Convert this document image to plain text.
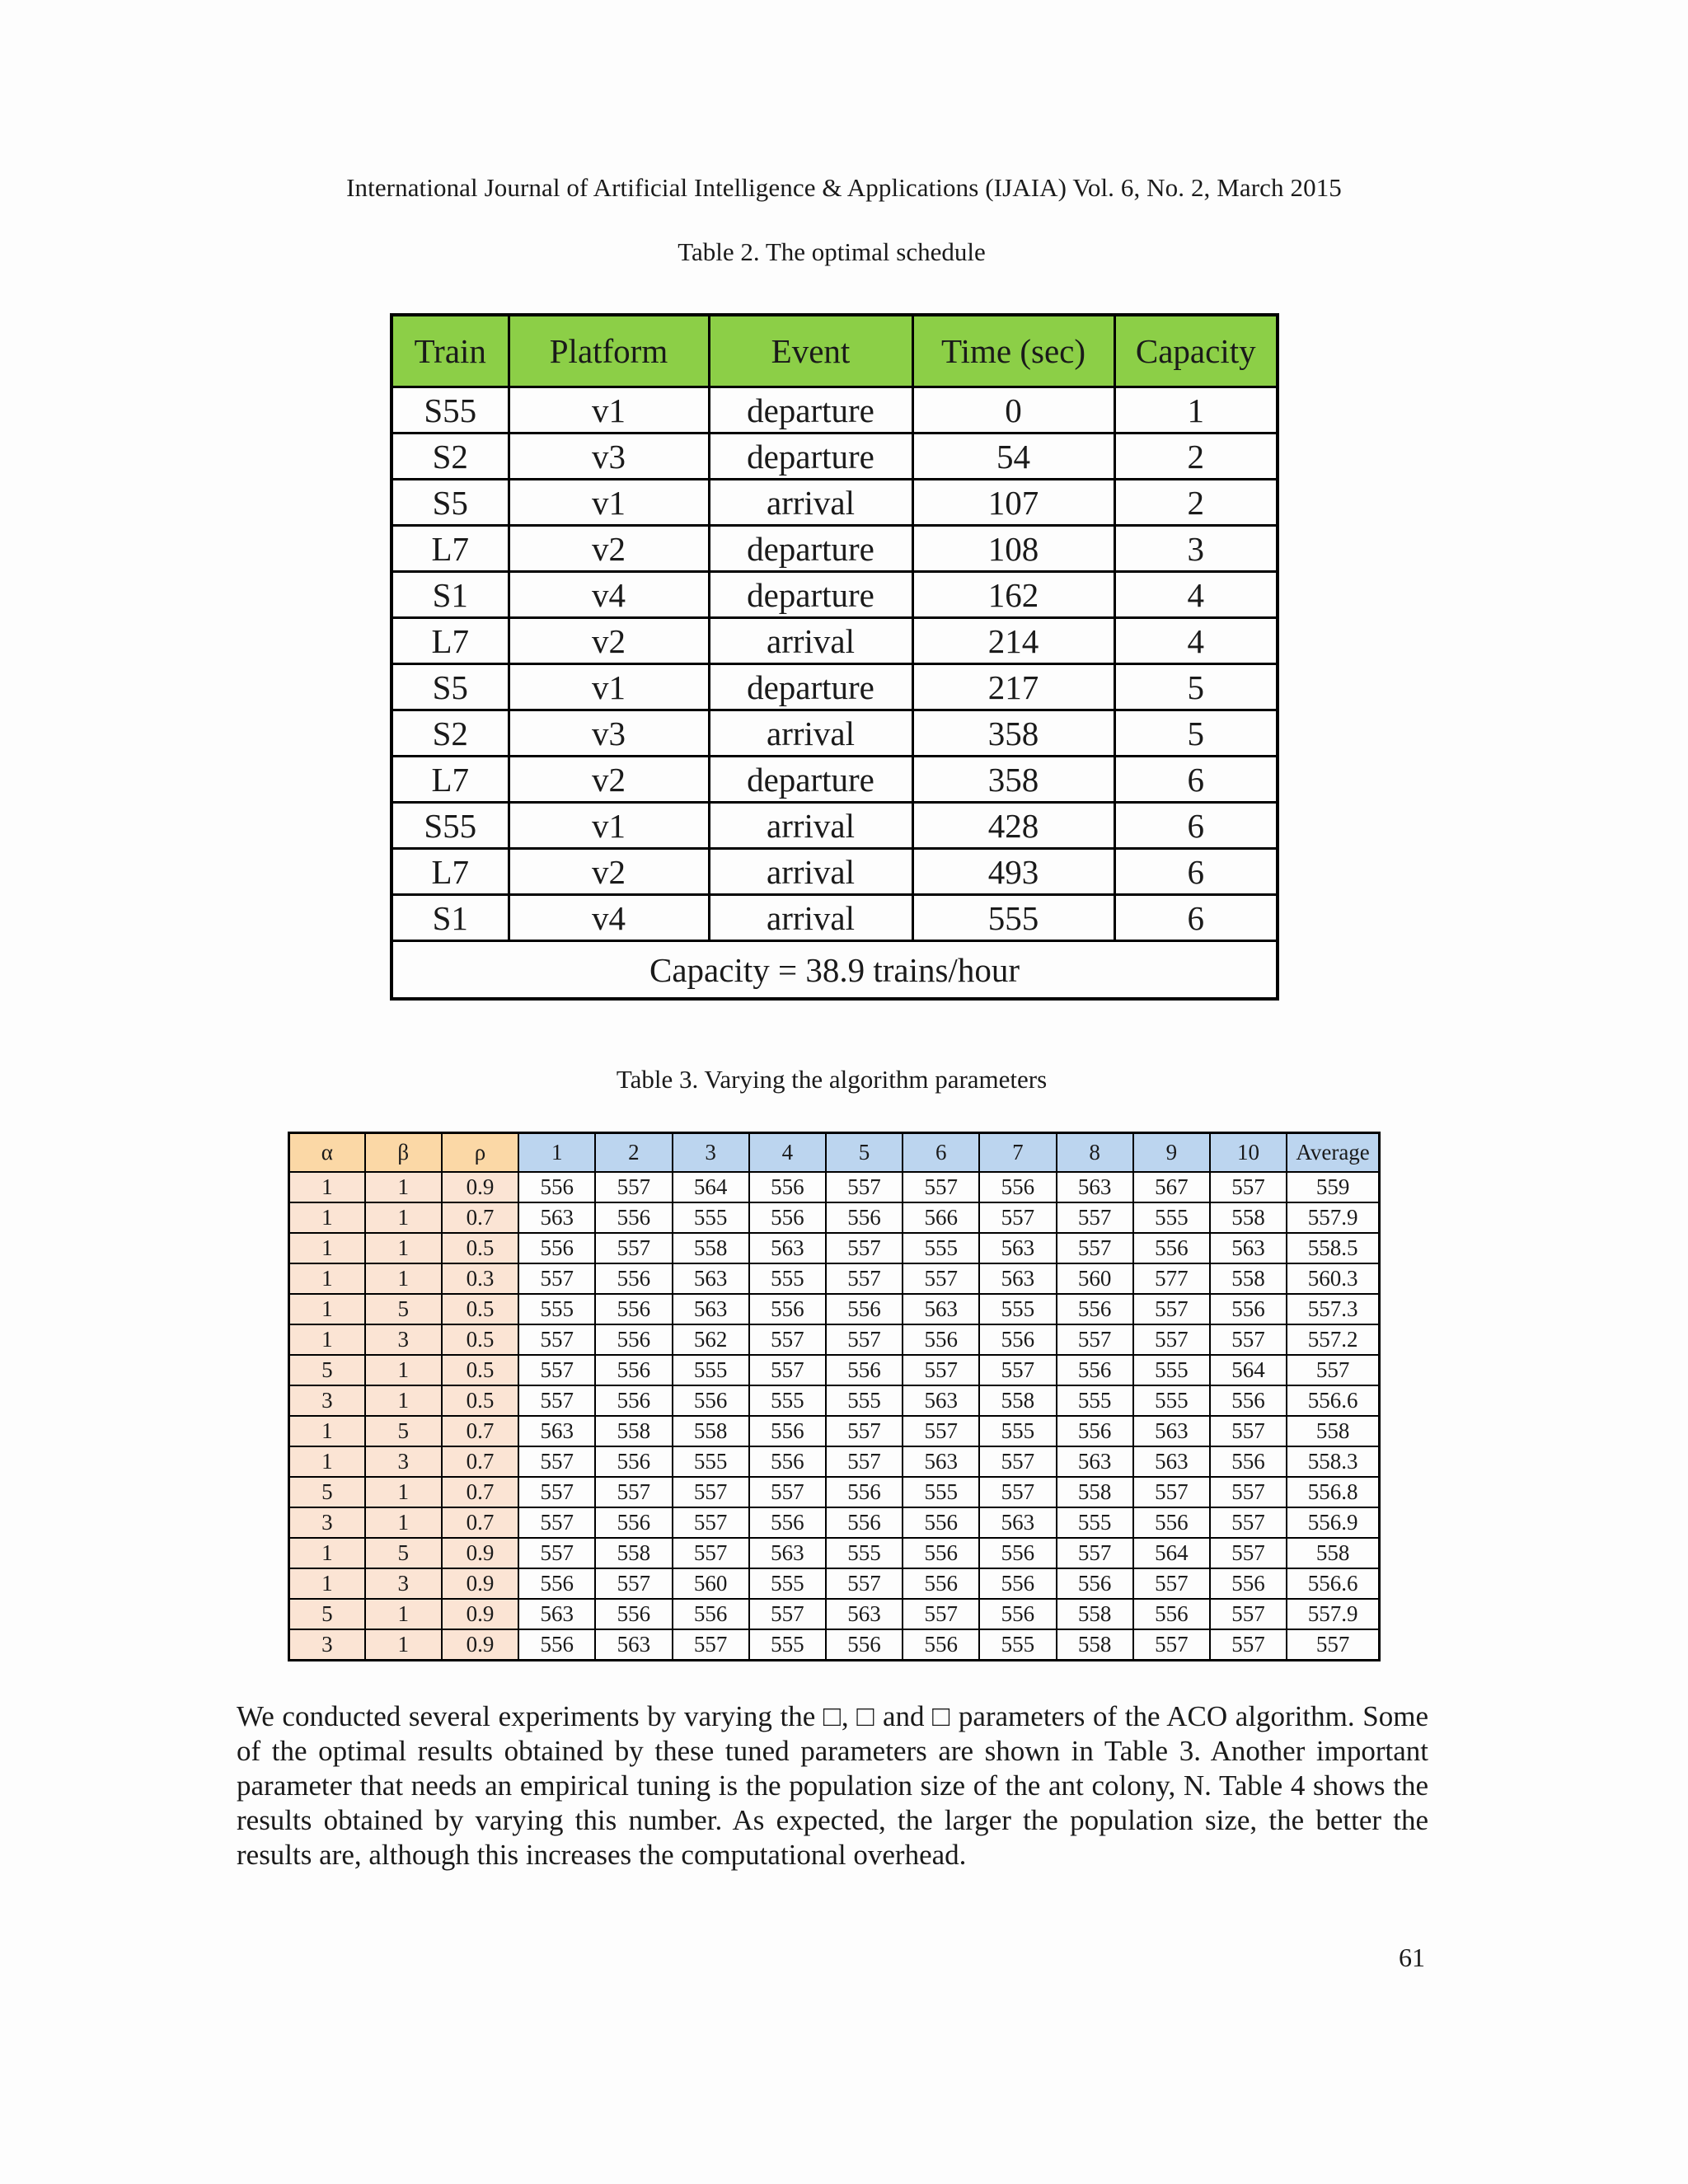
International Journal of Artificial Intelligence & Applications (IJAIA) Vol. 6, No. 2, March 2015
Table 2. The optimal schedule
Train	Platform	Event	Time (sec)	Capacity
S55	v1	departure	0	1
S2	v3	departure	54	2
S5	v1	arrival	107	2
L7	v2	departure	108	3
S1	v4	departure	162	4
L7	v2	arrival	214	4
S5	v1	departure	217	5
S2	v3	arrival	358	5
L7	v2	departure	358	6
S55	v1	arrival	428	6
L7	v2	arrival	493	6
S1	v4	arrival	555	6
Capacity = 38.9 trains/hour				
Table 3. Varying the algorithm parameters
α	β	ρ	1	2	3	4	5	6	7	8	9	10	Average
1	1	0.9	556	557	564	556	557	557	556	563	567	557	559
1	1	0.7	563	556	555	556	556	566	557	557	555	558	557.9
1	1	0.5	556	557	558	563	557	555	563	557	556	563	558.5
1	1	0.3	557	556	563	555	557	557	563	560	577	558	560.3
1	5	0.5	555	556	563	556	556	563	555	556	557	556	557.3
1	3	0.5	557	556	562	557	557	556	556	557	557	557	557.2
5	1	0.5	557	556	555	557	556	557	557	556	555	564	557
3	1	0.5	557	556	556	555	555	563	558	555	555	556	556.6
1	5	0.7	563	558	558	556	557	557	555	556	563	557	558
1	3	0.7	557	556	555	556	557	563	557	563	563	556	558.3
5	1	0.7	557	557	557	557	556	555	557	558	557	557	556.8
3	1	0.7	557	556	557	556	556	556	563	555	556	557	556.9
1	5	0.9	557	558	557	563	555	556	556	557	564	557	558
1	3	0.9	556	557	560	555	557	556	556	556	557	556	556.6
5	1	0.9	563	556	556	557	563	557	556	558	556	557	557.9
3	1	0.9	556	563	557	555	556	556	555	558	557	557	557

We conducted several experiments by varying the □, □ and □ parameters of the ACO algorithm. Some of the optimal results obtained by these tuned parameters are shown in Table 3. Another important parameter that needs an empirical tuning is the population size of the ant colony, N. Table 4 shows the results obtained by varying this number. As expected, the larger the population size, the better the results are, although this increases the computational overhead.

61
